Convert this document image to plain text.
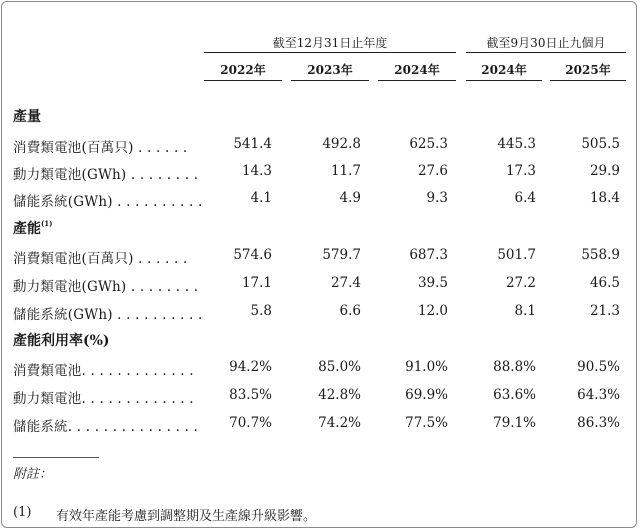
截至12月31日止年度	截至9月30日止九個月
2022年	2023年	2024年	2024年	2025年
產量
消費類電池(百萬只) . . . . . .	541.4	492.8	625.3	445.3	505.5
動力類電池(GWh) . . . . . . . .	14.3	11.7	27.6	17.3	29.9
儲能系統(GWh) . . . . . . . . . .	4.1	4.9	9.3	6.4	18.4
產能$^{(1)}$
消費類電池(百萬只) . . . . . .	574.6	579.7	687.3	501.7	558.9
動力類電池(GWh) . . . . . . . .	17.1	27.4	39.5	27.2	46.5
儲能系統(GWh) . . . . . . . . . .	5.8	6.6	12.0	8.1	21.3
產能利用率(%)
消費類電池. . . . . . . . . . . . .	94.2%	85.0%	91.0%	88.8%	90.5%
動力類電池. . . . . . . . . . . . .	83.5%	42.8%	69.9%	63.6%	64.3%
儲能系統. . . . . . . . . . . . . . .	70.7%	74.2%	77.5%	79.1%	86.3%
附註：
(1) 有效年產能考慮到調整期及生產線升級影響。
